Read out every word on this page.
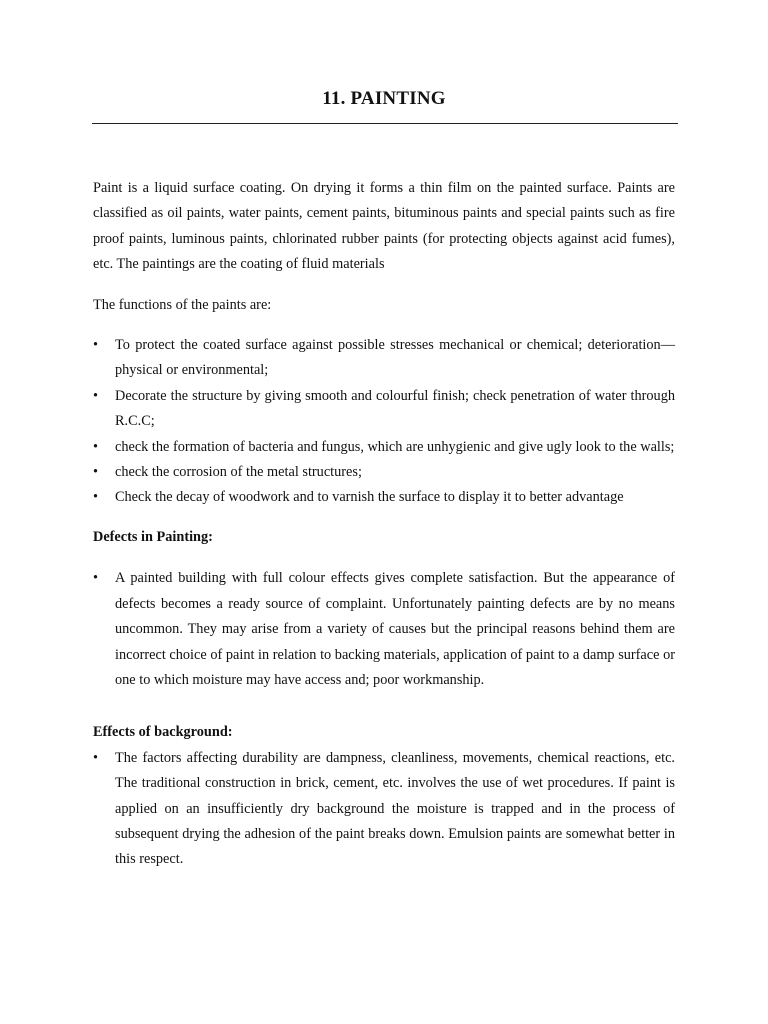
11. PAINTING

Paint is a liquid surface coating. On drying it forms a thin film on the painted surface. Paints are classified as oil paints, water paints, cement paints, bituminous paints and special paints such as fire proof paints, luminous paints, chlorinated rubber paints (for protecting objects against acid fumes), etc. The paintings are the coating of fluid materials

The functions of the paints are:

•	To protect the coated surface against possible stresses mechanical or chemical; deterioration—physical or environmental;
•	Decorate the structure by giving smooth and colourful finish; check penetration of water through R.C.C;
•	check the formation of bacteria and fungus, which are unhygienic and give ugly look to the walls;
•	check the corrosion of the metal structures;
•	Check the decay of woodwork and to varnish the surface to display it to better advantage

Defects in Painting:

•	A painted building with full colour effects gives complete satisfaction. But the appearance of defects becomes a ready source of complaint. Unfortunately painting defects are by no means uncommon. They may arise from a variety of causes but the principal reasons behind them are incorrect choice of paint in relation to backing materials, application of paint to a damp surface or one to which moisture may have access and; poor workmanship.

Effects of background:

•	The factors affecting durability are dampness, cleanliness, movements, chemical reactions, etc. The traditional construction in brick, cement, etc. involves the use of wet procedures. If paint is applied on an insufficiently dry background the moisture is trapped and in the process of subsequent drying the adhesion of the paint breaks down. Emulsion paints are somewhat better in this respect.
